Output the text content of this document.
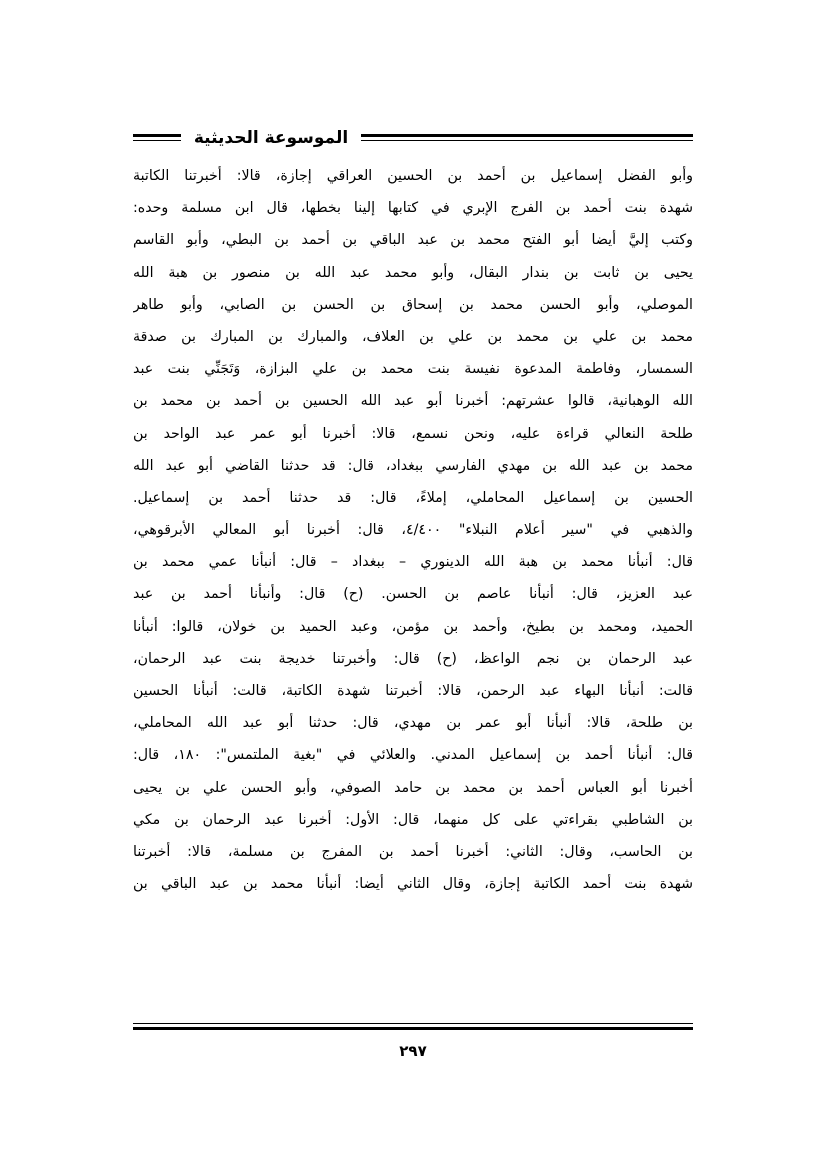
الموسوعة الحديثية
وأبو الفضل إسماعيل بن أحمد بن الحسين العراقي إجازة، قالا: أخبرتنا الكاتبة
شهدة بنت أحمد بن الفرج الإبري في كتابها إلينا بخطها، قال ابن مسلمة وحده:
وكتب إليَّ أيضا أبو الفتح محمد بن عبد الباقي بن أحمد بن البطي، وأبو القاسم
يحيى بن ثابت بن بندار البقال، وأبو محمد عبد الله بن منصور بن هبة الله
الموصلي، وأبو الحسن محمد بن إسحاق بن الحسن بن الصابي، وأبو طاهر
محمد بن علي بن محمد بن علي بن العلاف، والمبارك بن المبارك بن صدقة
السمسار، وفاطمة المدعوة نفيسة بنت محمد بن علي البزازة، وَتَجَنِّي بنت عبد
الله الوهبانية، قالوا عشرتهم: أخبرنا أبو عبد الله الحسين بن أحمد بن محمد بن
طلحة النعالي قراءة عليه، ونحن نسمع، قالا: أخبرنا أبو عمر عبد الواحد بن
محمد بن عبد الله بن مهدي الفارسي ببغداد، قال: قد حدثنا القاضي أبو عبد الله
الحسين بن إسماعيل المحاملي، إملاءً، قال: قد حدثنا أحمد بن إسماعيل.
والذهبي في "سير أعلام النبلاء" ٤/٤٠٠، قال: أخبرنا أبو المعالي الأبرقوهي،
قال: أنبأنا محمد بن هبة الله الدينوري – ببغداد – قال: أنبأنا عمي محمد بن
عبد العزيز، قال: أنبأنا عاصم بن الحسن. (ح) قال: وأنبأنا أحمد بن عبد
الحميد، ومحمد بن بطيخ، وأحمد بن مؤمن، وعبد الحميد بن خولان، قالوا: أنبأنا
عبد الرحمان بن نجم الواعظ، (ح) قال: وأخبرتنا خديجة بنت عبد الرحمان،
قالت: أنبأنا البهاء عبد الرحمن، قالا: أخبرتنا شهدة الكاتبة، قالت: أنبأنا الحسين
بن طلحة، قالا: أنبأنا أبو عمر بن مهدي، قال: حدثنا أبو عبد الله المحاملي،
قال: أنبأنا أحمد بن إسماعيل المدني. والعلائي في "بغية الملتمس": ١٨٠، قال:
أخبرنا أبو العباس أحمد بن محمد بن حامد الصوفي، وأبو الحسن علي بن يحيى
بن الشاطبي بقراءتي على كل منهما، قال: الأول: أخبرنا عبد الرحمان بن مكي
بن الحاسب، وقال: الثاني: أخبرنا أحمد بن المفرج بن مسلمة، قالا: أخبرتنا
شهدة بنت أحمد الكاتبة إجازة، وقال الثاني أيضا: أنبأنا محمد بن عبد الباقي بن
٢٩٧
